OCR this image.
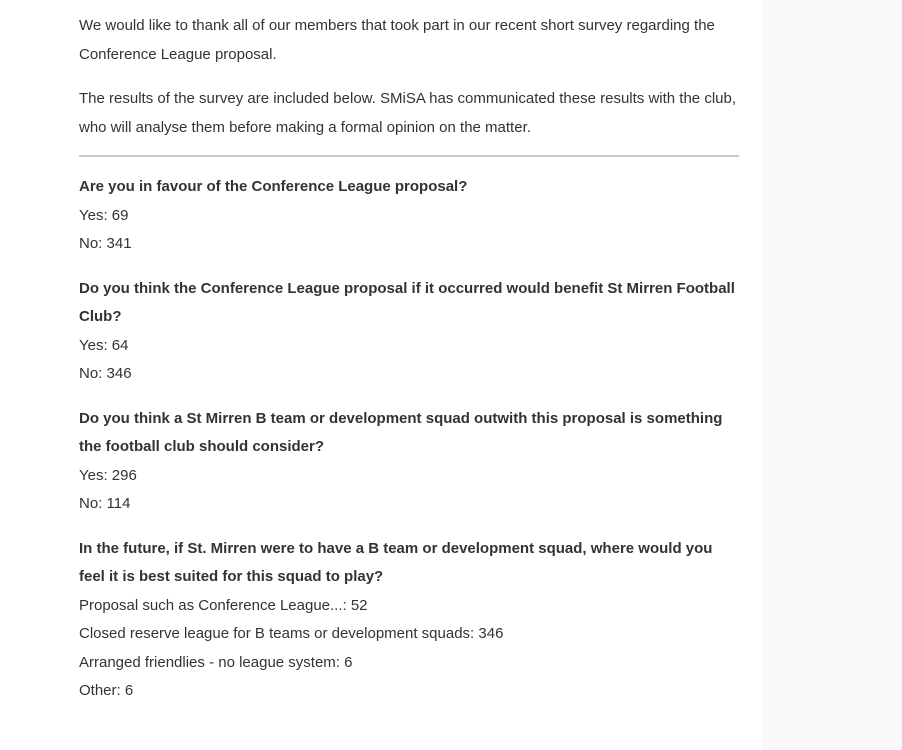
We would like to thank all of our members that took part in our recent short survey regarding the Conference League proposal.

The results of the survey are included below. SMiSA has communicated these results with the club, who will analyse them before making a formal opinion on the matter.

Are you in favour of the Conference League proposal?

Yes: 69

No: 341

Do you think the Conference League proposal if it occurred would benefit St Mirren Football Club?

Yes: 64

No: 346

Do you think a St Mirren B team or development squad outwith this proposal is something the football club should consider?

Yes: 296

No: 114

In the future, if St. Mirren were to have a B team or development squad, where would you feel it is best suited for this squad to play?

Proposal such as Conference League...: 52

Closed reserve league for B teams or development squads: 346

Arranged friendlies - no league system: 6

Other: 6
